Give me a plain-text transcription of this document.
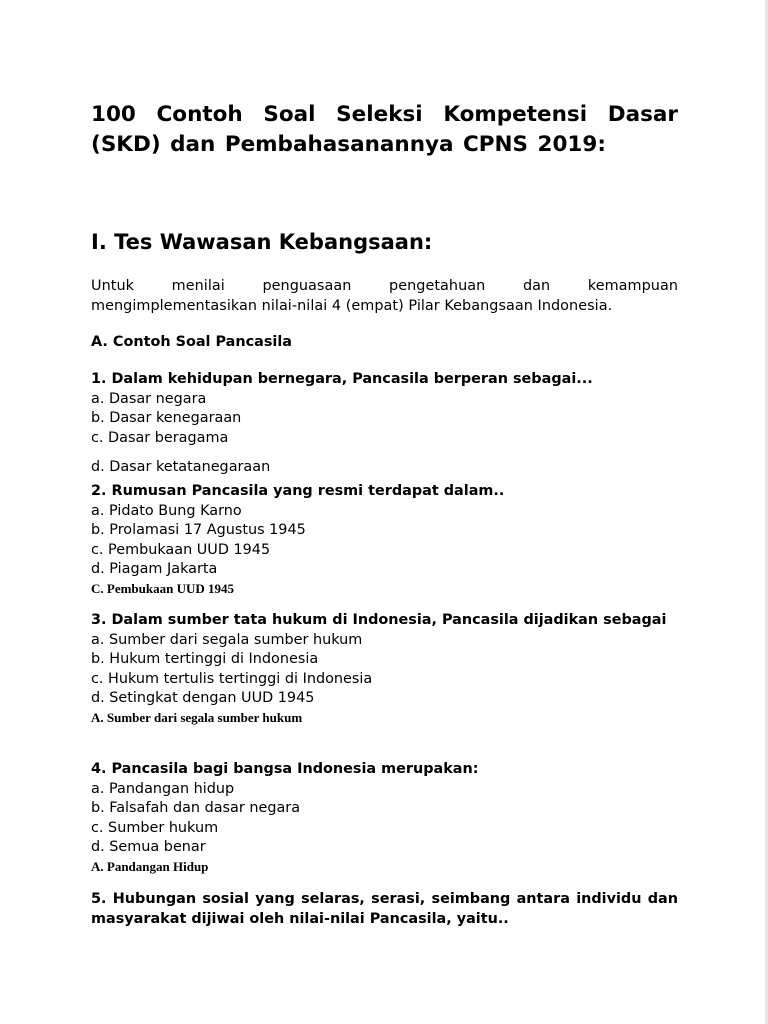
100 Contoh Soal Seleksi Kompetensi Dasar (SKD) dan Pembahasanannya CPNS 2019:
I. Tes Wawasan Kebangsaan:

Untuk menilai penguasaan pengetahuan dan kemampuan mengimplementasikan nilai-nilai 4 (empat) Pilar Kebangsaan Indonesia.

A. Contoh Soal Pancasila

1. Dalam kehidupan bernegara, Pancasila berperan sebagai...

a. Dasar negara

b. Dasar kenegaraan

c. Dasar beragama

d. Dasar ketatanegaraan

2. Rumusan Pancasila yang resmi terdapat dalam..

a. Pidato Bung Karno

b. Prolamasi 17 Agustus 1945

c. Pembukaan UUD 1945

d. Piagam Jakarta

C. Pembukaan UUD 1945

3. Dalam sumber tata hukum di Indonesia, Pancasila dijadikan sebagai

a. Sumber dari segala sumber hukum

b. Hukum tertinggi di Indonesia

c. Hukum tertulis tertinggi di Indonesia

d. Setingkat dengan UUD 1945

A. Sumber dari segala sumber hukum

4. Pancasila bagi bangsa Indonesia merupakan:

a. Pandangan hidup

b. Falsafah dan dasar negara

c. Sumber hukum

d. Semua benar

A. Pandangan Hidup

5. Hubungan sosial yang selaras, serasi, seimbang antara individu dan masyarakat dijiwai oleh nilai-nilai Pancasila, yaitu..
